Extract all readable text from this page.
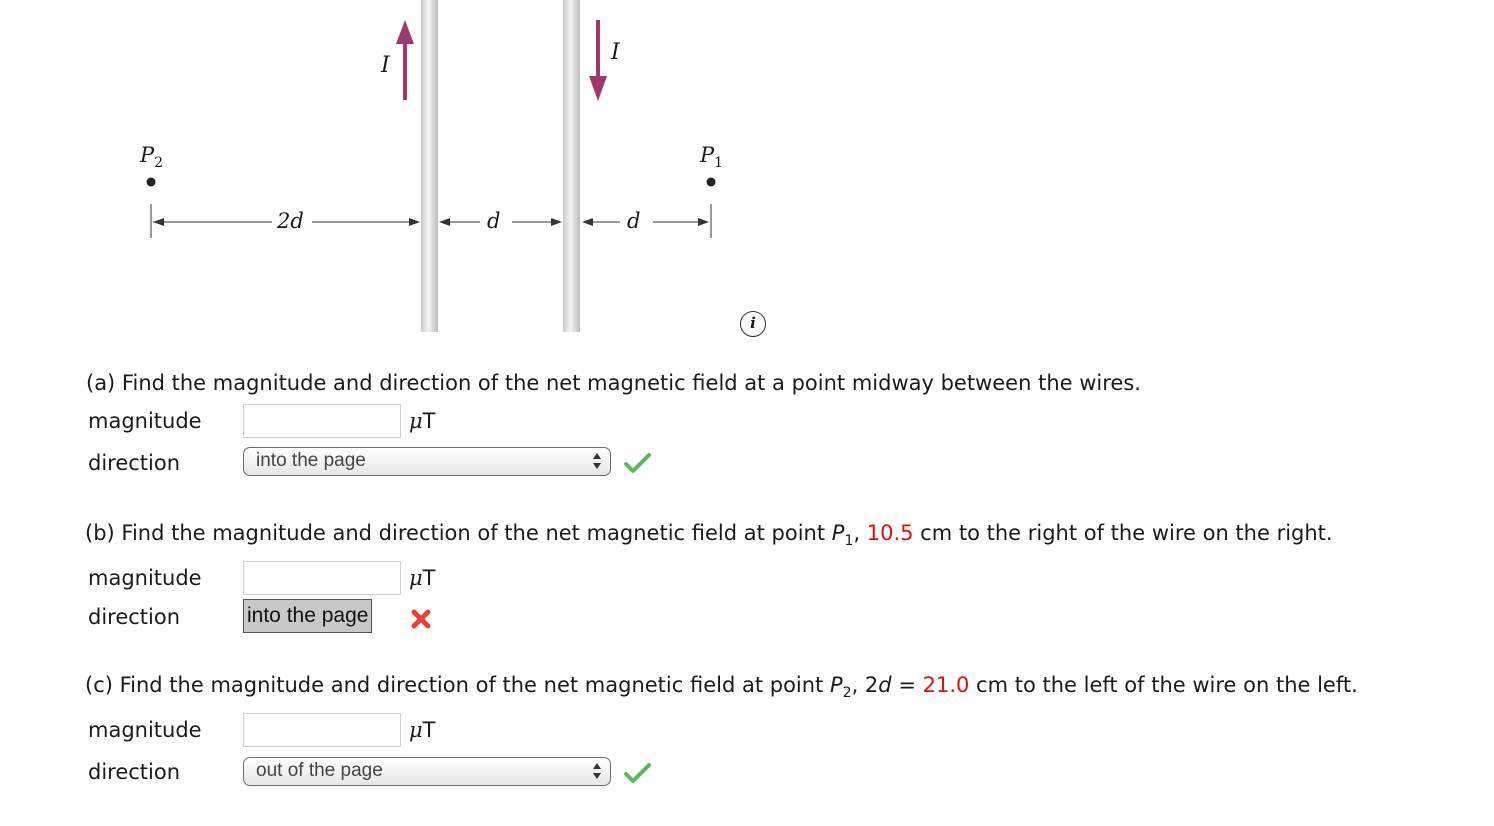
I
I
$P_2$	$P_1$
2d	d	d
i
(a) Find the magnitude and direction of the net magnetic field at a point midway between the wires.
magnitude	μT
direction	into the page
(b) Find the magnitude and direction of the net magnetic field at point $P_1$, 10.5 cm to the right of the wire on the right.
magnitude	μT
direction	into the page
(c) Find the magnitude and direction of the net magnetic field at point $P_2$, 2d = 21.0 cm to the left of the wire on the left.
magnitude	μT
direction	out of the page
